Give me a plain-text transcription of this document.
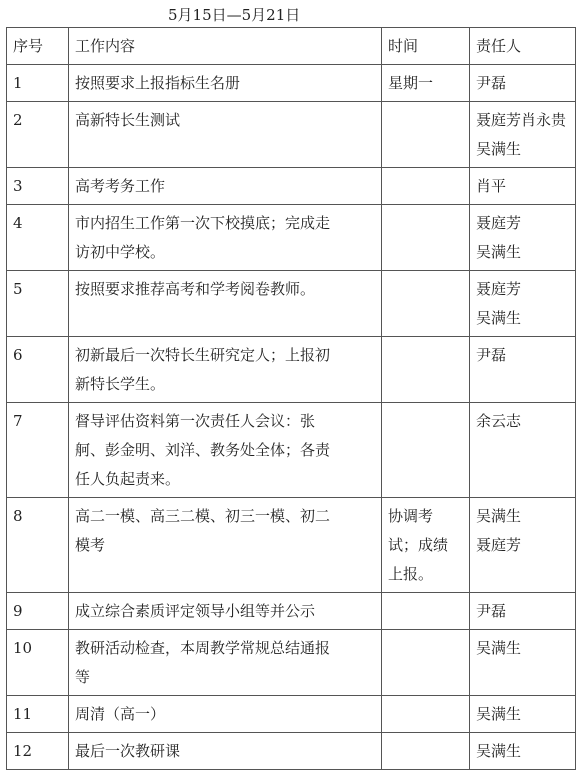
5月15日—5月21日
序号	工作内容	时间	责任人
1	按照要求上报指标生名册	星期一	尹磊

2	高新特长生测试		聂庭芳肖永贵
吴满生

3	高考考务工作		肖平

4	市内招生工作第一次下校摸底；完成走
访初中学校。		聂庭芳
吴满生

5	按照要求推荐高考和学考阅卷教师。		聂庭芳
吴满生

6	初新最后一次特长生研究定人；上报初
新特长学生。		尹磊

7	督导评估资料第一次责任人会议：张
舸、彭金明、刘洋、教务处全体；各责
任人负起责来。		余云志

8	高二一模、高三二模、初三一模、初二
模考	协调考
试；成绩
上报。	吴满生
聂庭芳

9	成立综合素质评定领导小组等并公示		尹磊

10	教研活动检查，本周教学常规总结通报
等		吴满生

11	周清（高一）		吴满生

12	最后一次教研课		吴满生
